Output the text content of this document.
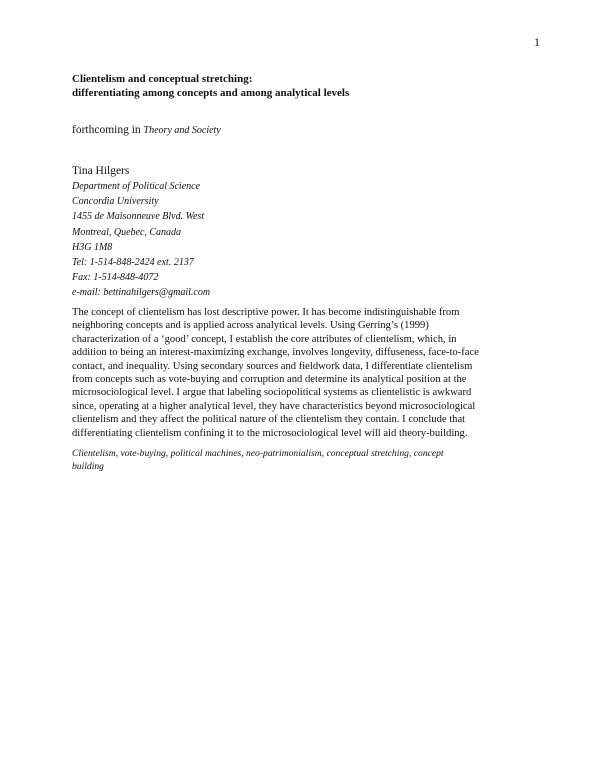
1
Clientelism and conceptual stretching:
differentiating among concepts and among analytical levels
forthcoming in Theory and Society
Tina Hilgers
Department of Political Science
Concordia University
1455 de Maisonneuve Blvd. West
Montreal, Quebec, Canada
H3G 1M8
Tel: 1-514-848-2424 ext. 2137
Fax: 1-514-848-4072
e-mail: bettinahilgers@gmail.com
The concept of clientelism has lost descriptive power. It has become indistinguishable from
neighboring concepts and is applied across analytical levels. Using Gerring’s (1999)
characterization of a ‘good’ concept, I establish the core attributes of clientelism, which, in
addition to being an interest-maximizing exchange, involves longevity, diffuseness, face-to-face
contact, and inequality. Using secondary sources and fieldwork data, I differentiate clientelism
from concepts such as vote-buying and corruption and determine its analytical position at the
microsociological level. I argue that labeling sociopolitical systems as clientelistic is awkward
since, operating at a higher analytical level, they have characteristics beyond microsociological
clientelism and they affect the political nature of the clientelism they contain. I conclude that
differentiating clientelism confining it to the microsociological level will aid theory-building.
Clientelism, vote-buying, political machines, neo-patrimonialism, conceptual stretching, concept
building
